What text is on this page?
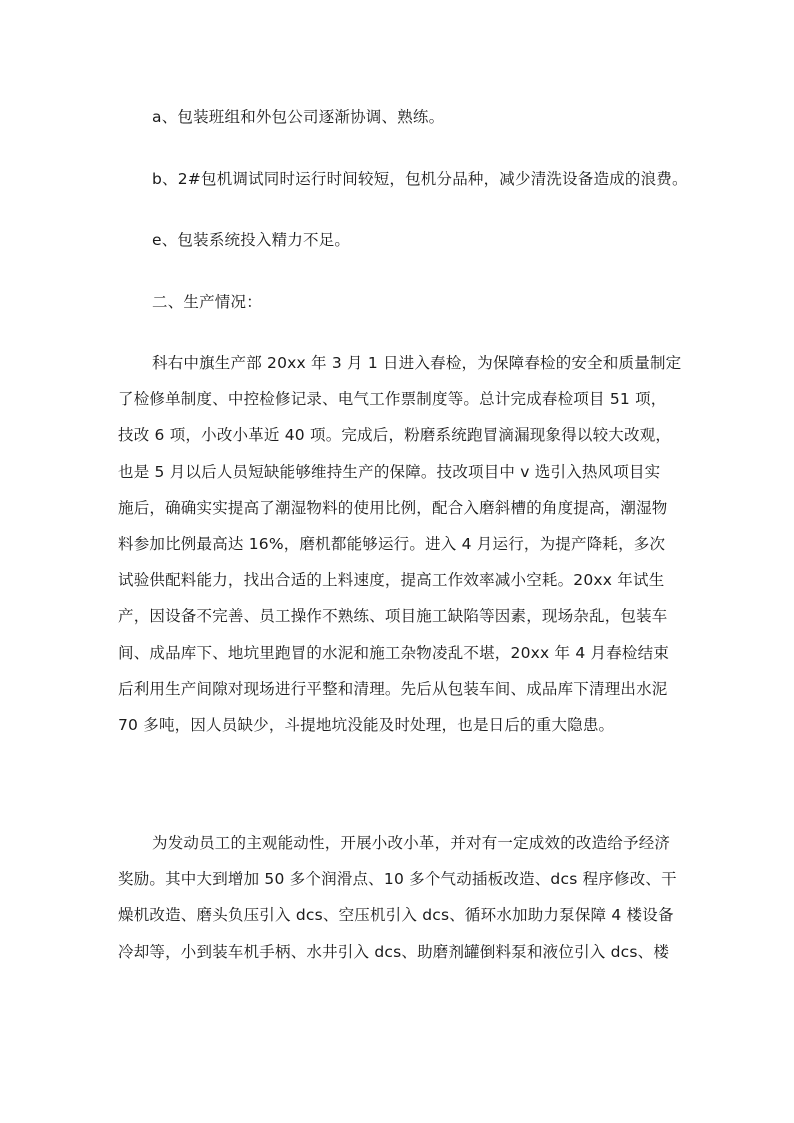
a、包装班组和外包公司逐渐协调、熟练。

b、2#包机调试同时运行时间较短，包机分品种，减少清洗设备造成的浪费。

e、包装系统投入精力不足。

二、生产情况：

科右中旗生产部 20xx 年 3 月 1 日进入春检，为保障春检的安全和质量制定
了检修单制度、中控检修记录、电气工作票制度等。总计完成春检项目 51 项，
技改 6 项，小改小革近 40 项。完成后，粉磨系统跑冒滴漏现象得以较大改观，
也是 5 月以后人员短缺能够维持生产的保障。技改项目中 v 选引入热风项目实
施后，确确实实提高了潮湿物料的使用比例，配合入磨斜槽的角度提高，潮湿物
料参加比例最高达 16%，磨机都能够运行。进入 4 月运行，为提产降耗，多次
试验供配料能力，找出合适的上料速度，提高工作效率减小空耗。20xx 年试生
产，因设备不完善、员工操作不熟练、项目施工缺陷等因素，现场杂乱，包装车
间、成品库下、地坑里跑冒的水泥和施工杂物凌乱不堪，20xx 年 4 月春检结束
后利用生产间隙对现场进行平整和清理。先后从包装车间、成品库下清理出水泥
70 多吨，因人员缺少，斗提地坑没能及时处理，也是日后的重大隐患。

为发动员工的主观能动性，开展小改小革，并对有一定成效的改造给予经济
奖励。其中大到增加 50 多个润滑点、10 多个气动插板改造、dcs 程序修改、干
燥机改造、磨头负压引入 dcs、空压机引入 dcs、循环水加助力泵保障 4 楼设备
冷却等，小到装车机手柄、水井引入 dcs、助磨剂罐倒料泵和液位引入 dcs、楼
